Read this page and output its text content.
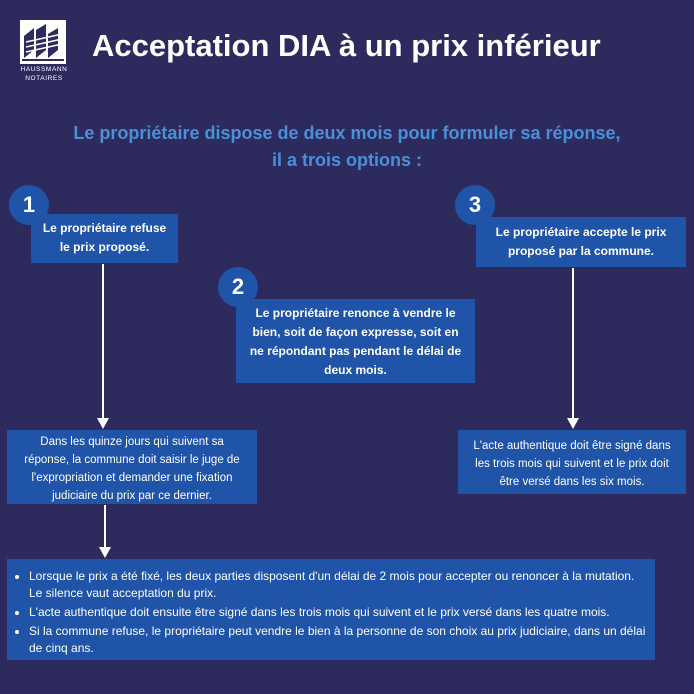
HAUSSMANN
NOTAIRES
Acceptation DIA à un prix inférieur
Le propriétaire dispose de deux mois pour formuler sa réponse,
il a trois options :
Le propriétaire refuse
le prix proposé.
1
Le propriétaire renonce à vendre le
bien, soit de façon expresse, soit en
ne répondant pas pendant le délai de
deux mois.
2
Le propriétaire accepte le prix
proposé par la commune.
3
Dans les quinze jours qui suivent sa
réponse, la commune doit saisir le juge de
l'expropriation et demander une fixation
judiciaire du prix par ce dernier.
L'acte authentique doit être signé dans
les trois mois qui suivent et le prix doit
être versé dans les six mois.
• Lorsque le prix a été fixé, les deux parties disposent d'un délai de 2 mois pour accepter ou renoncer à la mutation. Le silence vaut acceptation du prix.
• L'acte authentique doit ensuite être signé dans les trois mois qui suivent et le prix versé dans les quatre mois.
• Si la commune refuse, le propriétaire peut vendre le bien à la personne de son choix au prix judiciaire, dans un délai de cinq ans.
